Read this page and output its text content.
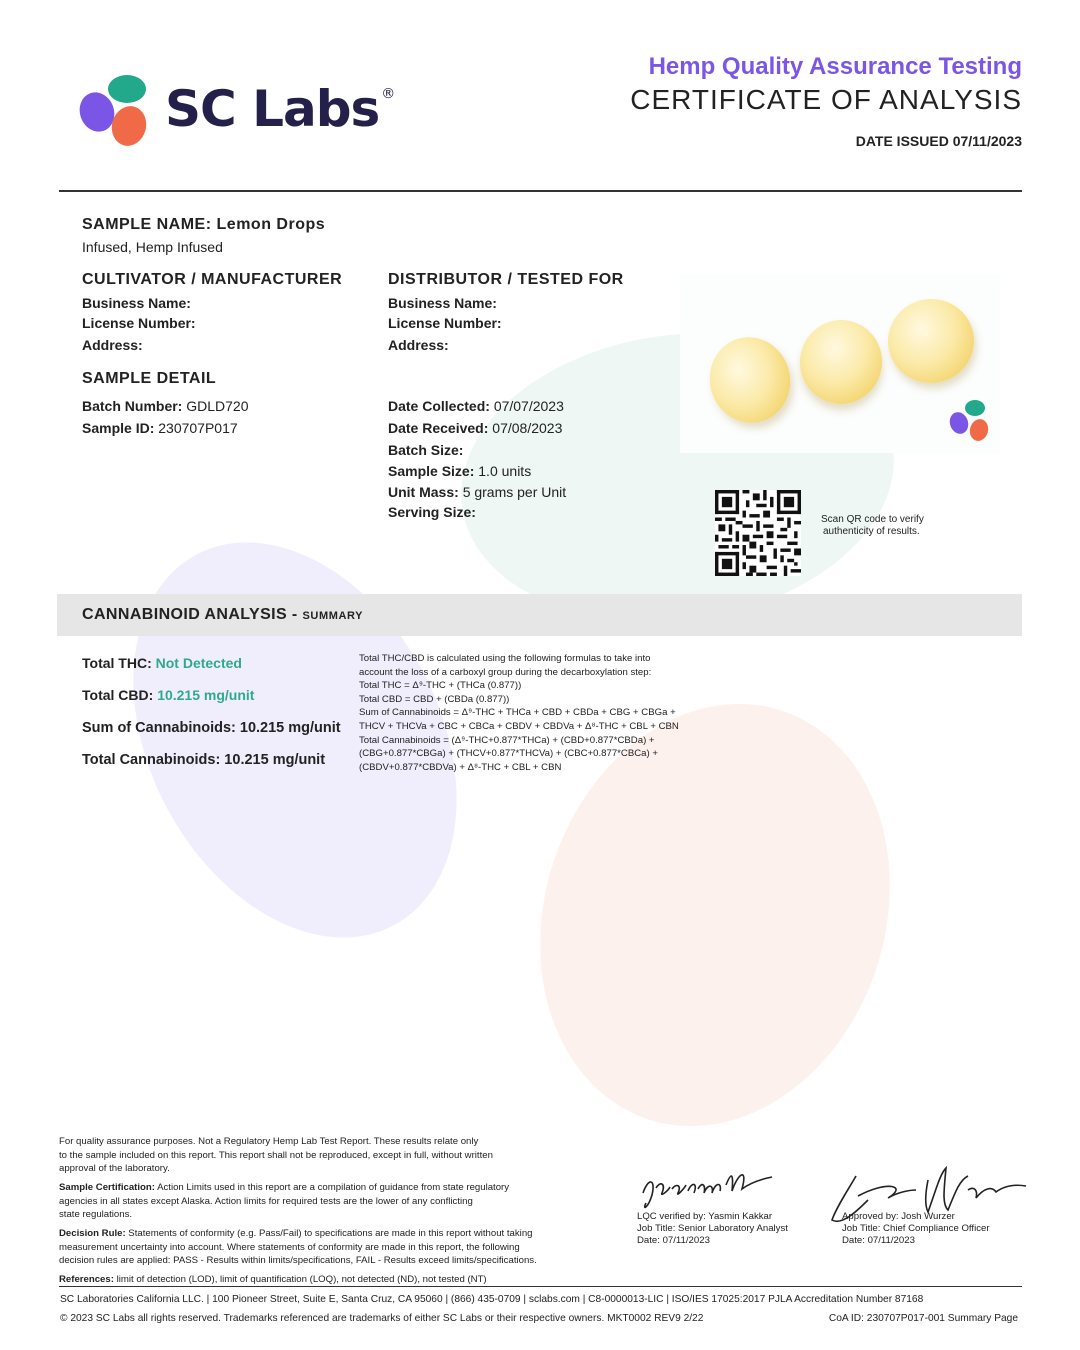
SC Labs ®
Hemp Quality Assurance Testing
CERTIFICATE OF ANALYSIS
DATE ISSUED 07/11/2023
SAMPLE NAME: Lemon Drops
Infused, Hemp Infused
CULTIVATOR / MANUFACTURER
Business Name:
License Number:
Address:
DISTRIBUTOR / TESTED FOR
Business Name:
License Number:
Address:
SAMPLE DETAIL
Batch Number: GDLD720
Sample ID: 230707P017
Date Collected: 07/07/2023
Date Received: 07/08/2023
Batch Size:
Sample Size: 1.0 units
Unit Mass: 5 grams per Unit
Serving Size:	Scan QR code to verify
authenticity of results.
CANNABINOID ANALYSIS - SUMMARY
Total THC: Not Detected
Total CBD: 10.215 mg/unit
Sum of Cannabinoids: 10.215 mg/unit
Total Cannabinoids: 10.215 mg/unit
Total THC/CBD is calculated using the following formulas to take into
account the loss of a carboxyl group during the decarboxylation step:
Total THC = Δ⁹-THC + (THCa (0.877))
Total CBD = CBD + (CBDa (0.877))
Sum of Cannabinoids = Δ⁹-THC + THCa + CBD + CBDa + CBG + CBGa +
THCV + THCVa + CBC + CBCa + CBDV + CBDVa + Δ⁸-THC + CBL + CBN
Total Cannabinoids = (Δ⁹-THC+0.877*THCa) + (CBD+0.877*CBDa) +
(CBG+0.877*CBGa) + (THCV+0.877*THCVa) + (CBC+0.877*CBCa) +
(CBDV+0.877*CBDVa) + Δ⁸-THC + CBL + CBN
For quality assurance purposes. Not a Regulatory Hemp Lab Test Report. These results relate only
to the sample included on this report. This report shall not be reproduced, except in full, without written
approval of the laboratory.
Sample Certification: Action Limits used in this report are a compilation of guidance from state regulatory
agencies in all states except Alaska. Action limits for required tests are the lower of any conflicting
state regulations.
Decision Rule: Statements of conformity (e.g. Pass/Fail) to specifications are made in this report without taking
measurement uncertainty into account. Where statements of conformity are made in this report, the following
decision rules are applied: PASS - Results within limits/specifications, FAIL - Results exceed limits/specifications.
References: limit of detection (LOD), limit of quantification (LOQ), not detected (ND), not tested (NT)
LQC verified by: Yasmin Kakkar
Job Title: Senior Laboratory Analyst
Date: 07/11/2023
Approved by: Josh Wurzer
Job Title: Chief Compliance Officer
Date: 07/11/2023
SC Laboratories California LLC. | 100 Pioneer Street, Suite E, Santa Cruz, CA 95060 | (866) 435-0709 | sclabs.com | C8-0000013-LIC | ISO/IES 17025:2017 PJLA Accreditation Number 87168
© 2023 SC Labs all rights reserved. Trademarks referenced are trademarks of either SC Labs or their respective owners. MKT0002 REV9 2/22	CoA ID: 230707P017-001 Summary Page
